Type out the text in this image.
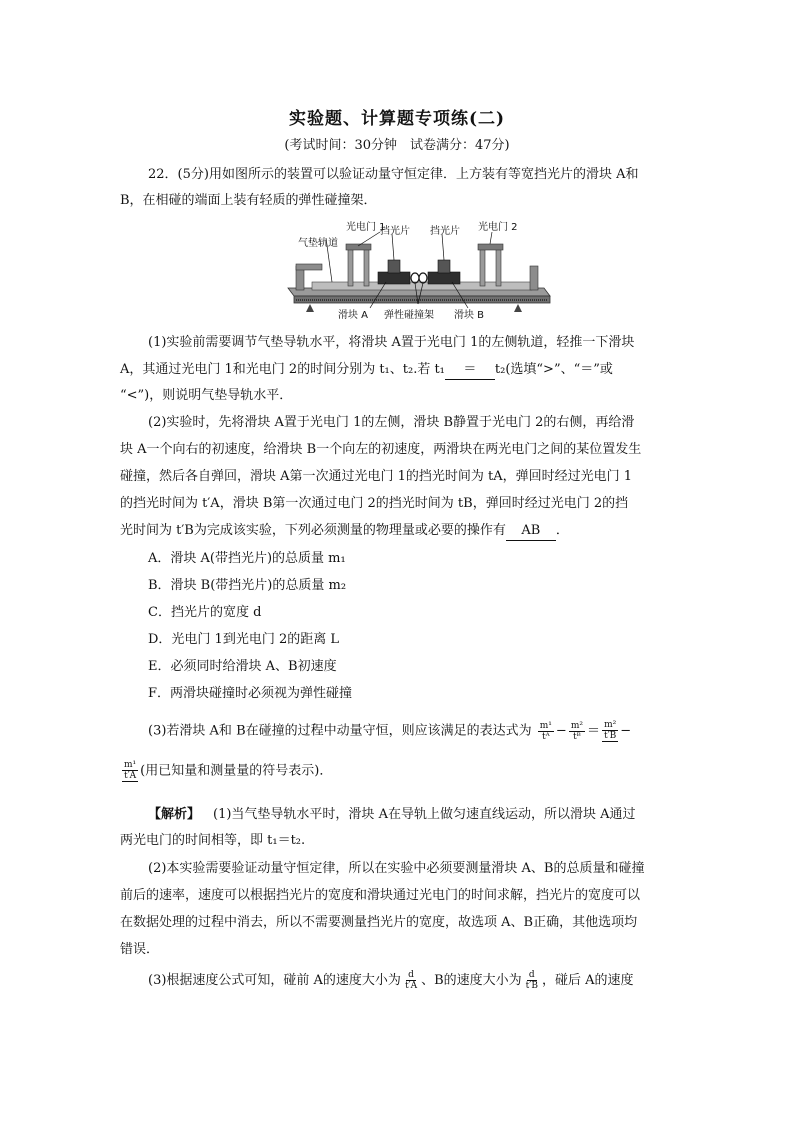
实验题、计算题专项练(二)
(考试时间：30分钟　试卷满分：47分)
22．(5分)用如图所示的装置可以验证动量守恒定律．上方装有等宽挡光片的滑块 A和
B，在相碰的端面上装有轻质的弹性碰撞架．
光电门 1
挡光片 挡光片 光电门 2
气垫轨道
滑块 A 弹性碰撞架 滑块 B
(1)实验前需要调节气垫导轨水平，将滑块 A置于光电门 1的左侧轨道，轻推一下滑块
A，其通过光电门 1和光电门 2的时间分别为 t₁、t₂.若 t₁ ＝ t₂(选填“>”、“＝”或
“<”)，则说明气垫导轨水平．
(2)实验时，先将滑块 A置于光电门 1的左侧，滑块 B静置于光电门 2的右侧，再给滑
块 A一个向右的初速度，给滑块 B一个向左的初速度，两滑块在两光电门之间的某位置发生
碰撞，然后各自弹回，滑块 A第一次通过光电门 1的挡光时间为 tA，弹回时经过光电门 1
的挡光时间为 t′A，滑块 B第一次通过电门 2的挡光时间为 tB，弹回时经过光电门 2的挡
光时间为 t′B为完成该实验，下列必须测量的物理量或必要的操作有 AB ．
A．滑块 A(带挡光片)的总质量 m₁
B．滑块 B(带挡光片)的总质量 m₂
C．挡光片的宽度 d
D．光电门 1到光电门 2的距离 L
E．必须同时给滑块 A、B初速度
F．两滑块碰撞时必须视为弹性碰撞
(3)若滑块 A和 B在碰撞的过程中动量守恒，则应该满足的表达式为 $\frac{\text{m¹}}{\text{tᴬ}} - \frac{\text{m²}}{\text{tᴮ}} = \frac{\text{m²}}{t'B}$ −
$\frac{\text{m¹}}{t'A}$ (用已知量和测量量的符号表示)．
【解析】  (1)当气垫导轨水平时，滑块 A在导轨上做匀速直线运动，所以滑块 A通过
两光电门的时间相等，即 t₁＝t₂.
(2)本实验需要验证动量守恒定律，所以在实验中必须要测量滑块 A、B的总质量和碰撞
前后的速率，速度可以根据挡光片的宽度和滑块通过光电门的时间求解，挡光片的宽度可以
在数据处理的过程中消去，所以不需要测量挡光片的宽度，故选项 A、B正确，其他选项均
错误．
(3)根据速度公式可知，碰前 A的速度大小为 $\frac{d}{t'A}$ 、B的速度大小为 $\frac{d}{t'B}$ ，碰后 A的速度
